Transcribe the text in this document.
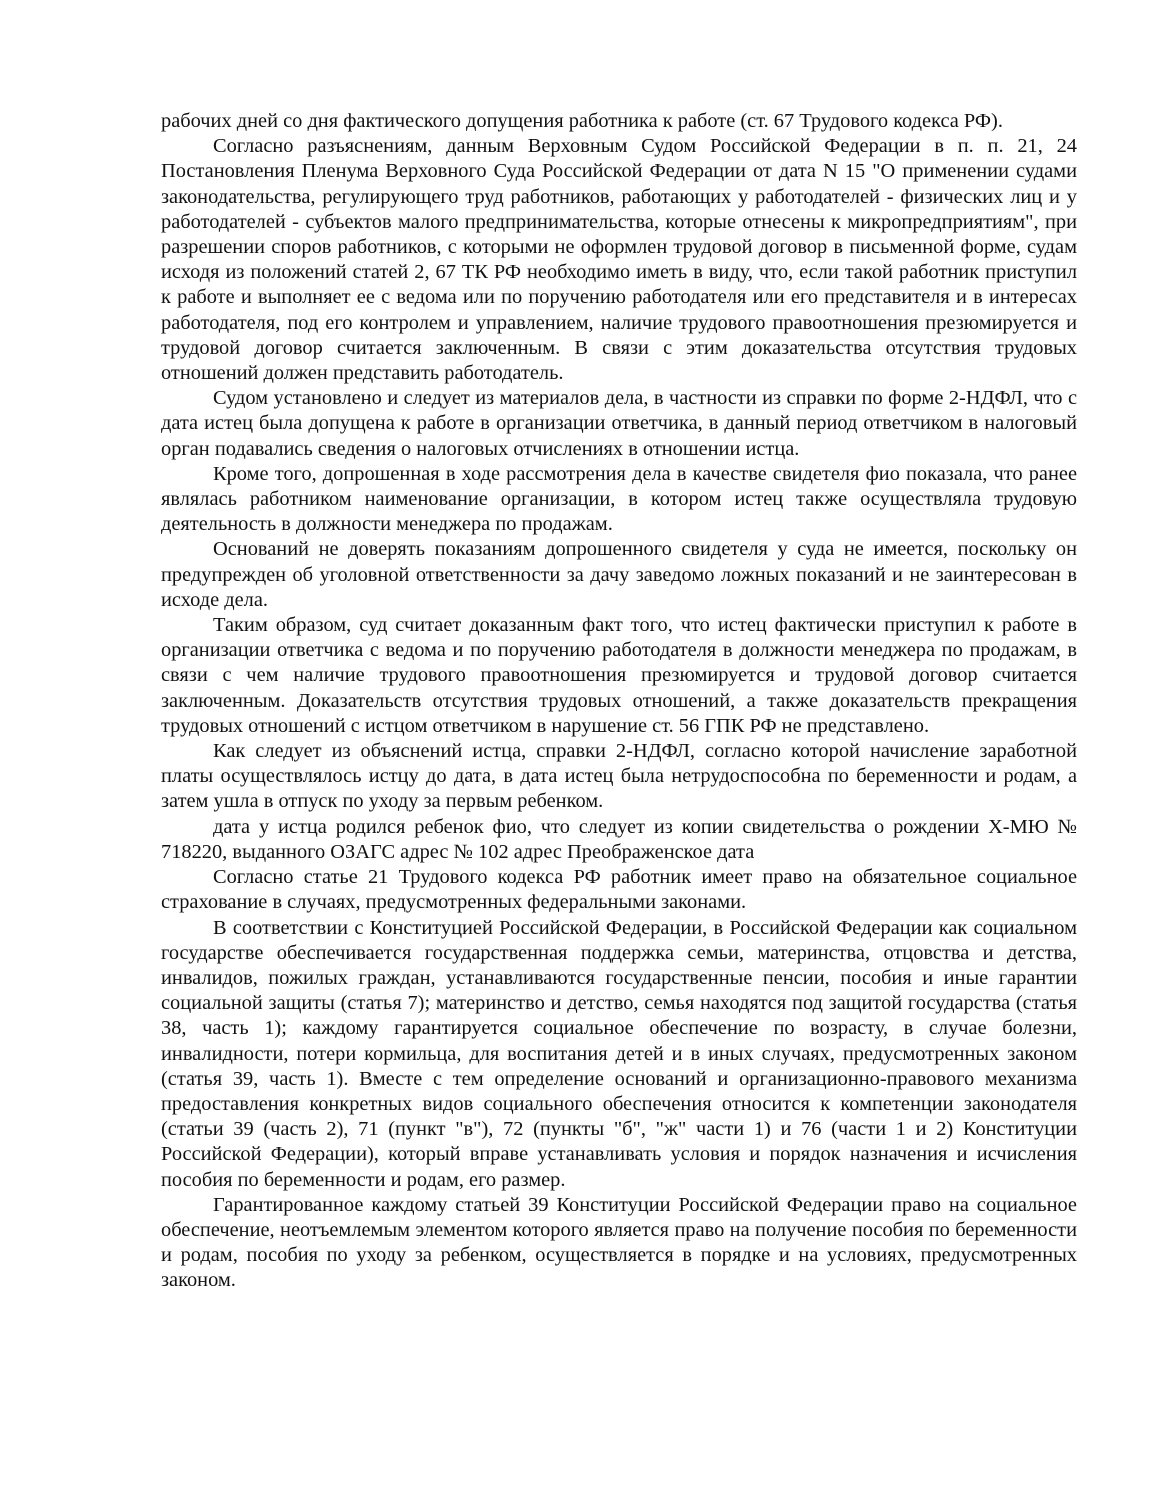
рабочих дней со дня фактического допущения работника к работе (ст. 67 Трудового кодекса РФ).

Согласно разъяснениям, данным Верховным Судом Российской Федерации в п. п. 21, 24 Постановления Пленума Верховного Суда Российской Федерации от дата N 15 "О применении судами законодательства, регулирующего труд работников, работающих у работодателей - физических лиц и у работодателей - субъектов малого предпринимательства, которые отнесены к микропредприятиям", при разрешении споров работников, с которыми не оформлен трудовой договор в письменной форме, судам исходя из положений статей 2, 67 ТК РФ необходимо иметь в виду, что, если такой работник приступил к работе и выполняет ее с ведома или по поручению работодателя или его представителя и в интересах работодателя, под его контролем и управлением, наличие трудового правоотношения презюмируется и трудовой договор считается заключенным. В связи с этим доказательства отсутствия трудовых отношений должен представить работодатель.

Судом установлено и следует из материалов дела, в частности из справки по форме 2-НДФЛ, что с дата истец была допущена к работе в организации ответчика, в данный период ответчиком в налоговый орган подавались сведения о налоговых отчислениях в отношении истца.

Кроме того, допрошенная в ходе рассмотрения дела в качестве свидетеля фио показала, что ранее являлась работником наименование организации, в котором истец также осуществляла трудовую деятельность в должности менеджера по продажам.

Оснований не доверять показаниям допрошенного свидетеля у суда не имеется, поскольку он предупрежден об уголовной ответственности за дачу заведомо ложных показаний и не заинтересован в исходе дела.

Таким образом, суд считает доказанным факт того, что истец фактически приступил к работе в организации ответчика с ведома и по поручению работодателя в должности менеджера по продажам, в связи с чем наличие трудового правоотношения презюмируется и трудовой договор считается заключенным. Доказательств отсутствия трудовых отношений, а также доказательств прекращения трудовых отношений с истцом ответчиком в нарушение ст. 56 ГПК РФ не представлено.

Как следует из объяснений истца, справки 2-НДФЛ, согласно которой начисление заработной платы осуществлялось истцу до дата, в дата истец была нетрудоспособна по беременности и родам, а затем ушла в отпуск по уходу за первым ребенком.

дата у истца родился ребенок фио, что следует из копии свидетельства о рождении Х-МЮ № 718220, выданного ОЗАГС адрес № 102 адрес Преображенское дата

Согласно статье 21 Трудового кодекса РФ работник имеет право на обязательное социальное страхование в случаях, предусмотренных федеральными законами.

В соответствии с Конституцией Российской Федерации, в Российской Федерации как социальном государстве обеспечивается государственная поддержка семьи, материнства, отцовства и детства, инвалидов, пожилых граждан, устанавливаются государственные пенсии, пособия и иные гарантии социальной защиты (статья 7); материнство и детство, семья находятся под защитой государства (статья 38, часть 1); каждому гарантируется социальное обеспечение по возрасту, в случае болезни, инвалидности, потери кормильца, для воспитания детей и в иных случаях, предусмотренных законом (статья 39, часть 1). Вместе с тем определение оснований и организационно-правового механизма предоставления конкретных видов социального обеспечения относится к компетенции законодателя (статьи 39 (часть 2), 71 (пункт "в"), 72 (пункты "б", "ж" части 1) и 76 (части 1 и 2) Конституции Российской Федерации), который вправе устанавливать условия и порядок назначения и исчисления пособия по беременности и родам, его размер.

Гарантированное каждому статьей 39 Конституции Российской Федерации право на социальное обеспечение, неотъемлемым элементом которого является право на получение пособия по беременности и родам, пособия по уходу за ребенком, осуществляется в порядке и на условиях, предусмотренных законом.
